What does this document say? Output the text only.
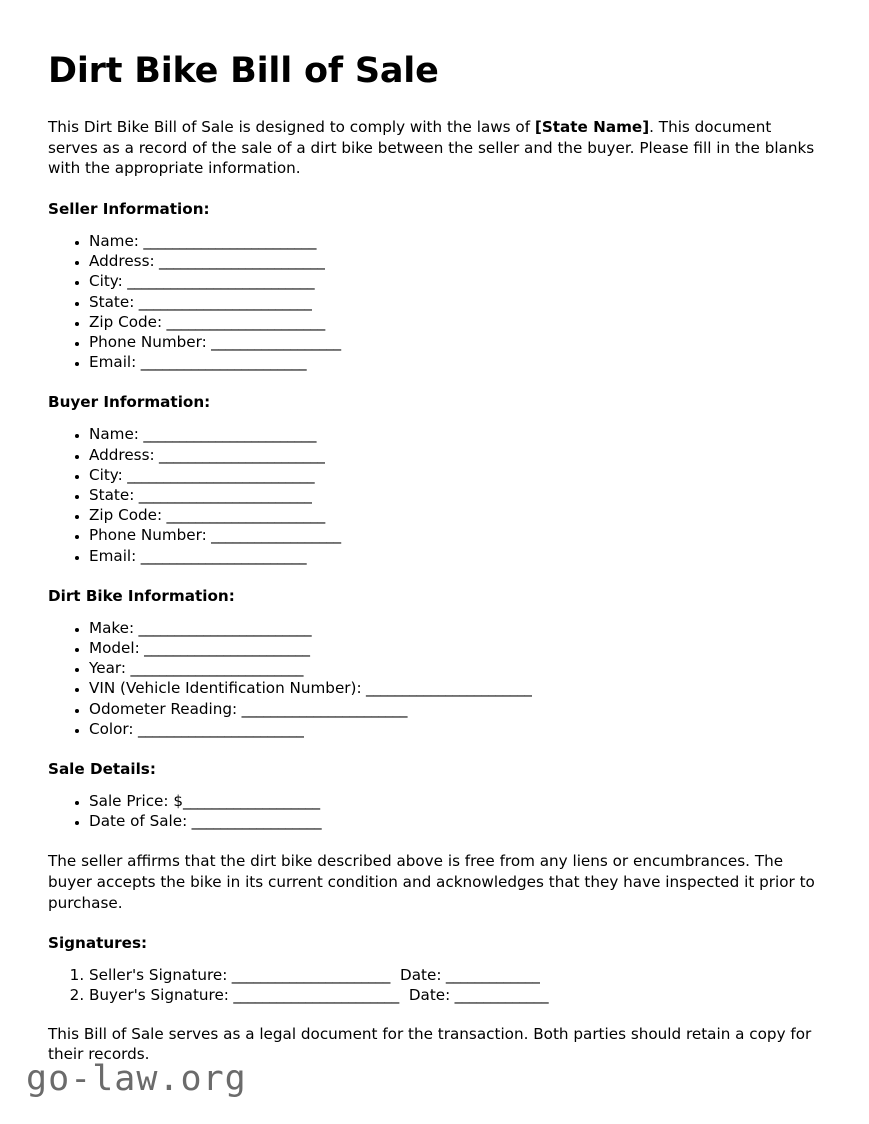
Dirt Bike Bill of Sale

This Dirt Bike Bill of Sale is designed to comply with the laws of [State Name]. This document serves as a record of the sale of a dirt bike between the seller and the buyer. Please fill in the blanks with the appropriate information.

Seller Information:
• Name: ________________________
• Address: _______________________
• City: __________________________
• State: ________________________
• Zip Code: ______________________
• Phone Number: __________________
• Email: _______________________
Buyer Information:
• Name: ________________________
• Address: _______________________
• City: __________________________
• State: ________________________
• Zip Code: ______________________
• Phone Number: __________________
• Email: _______________________
Dirt Bike Information:
• Make: ________________________
• Model: _______________________
• Year: ________________________
• VIN (Vehicle Identification Number): _______________________
• Odometer Reading: _______________________
• Color: _______________________
Sale Details:
• Sale Price: $___________________
• Date of Sale: __________________

The seller affirms that the dirt bike described above is free from any liens or encumbrances. The buyer accepts the bike in its current condition and acknowledges that they have inspected it prior to purchase.

Signatures:
1. Seller's Signature: ______________________ Date: _____________
2. Buyer's Signature: _______________________ Date: _____________

This Bill of Sale serves as a legal document for the transaction. Both parties should retain a copy for their records.

go-law.org
